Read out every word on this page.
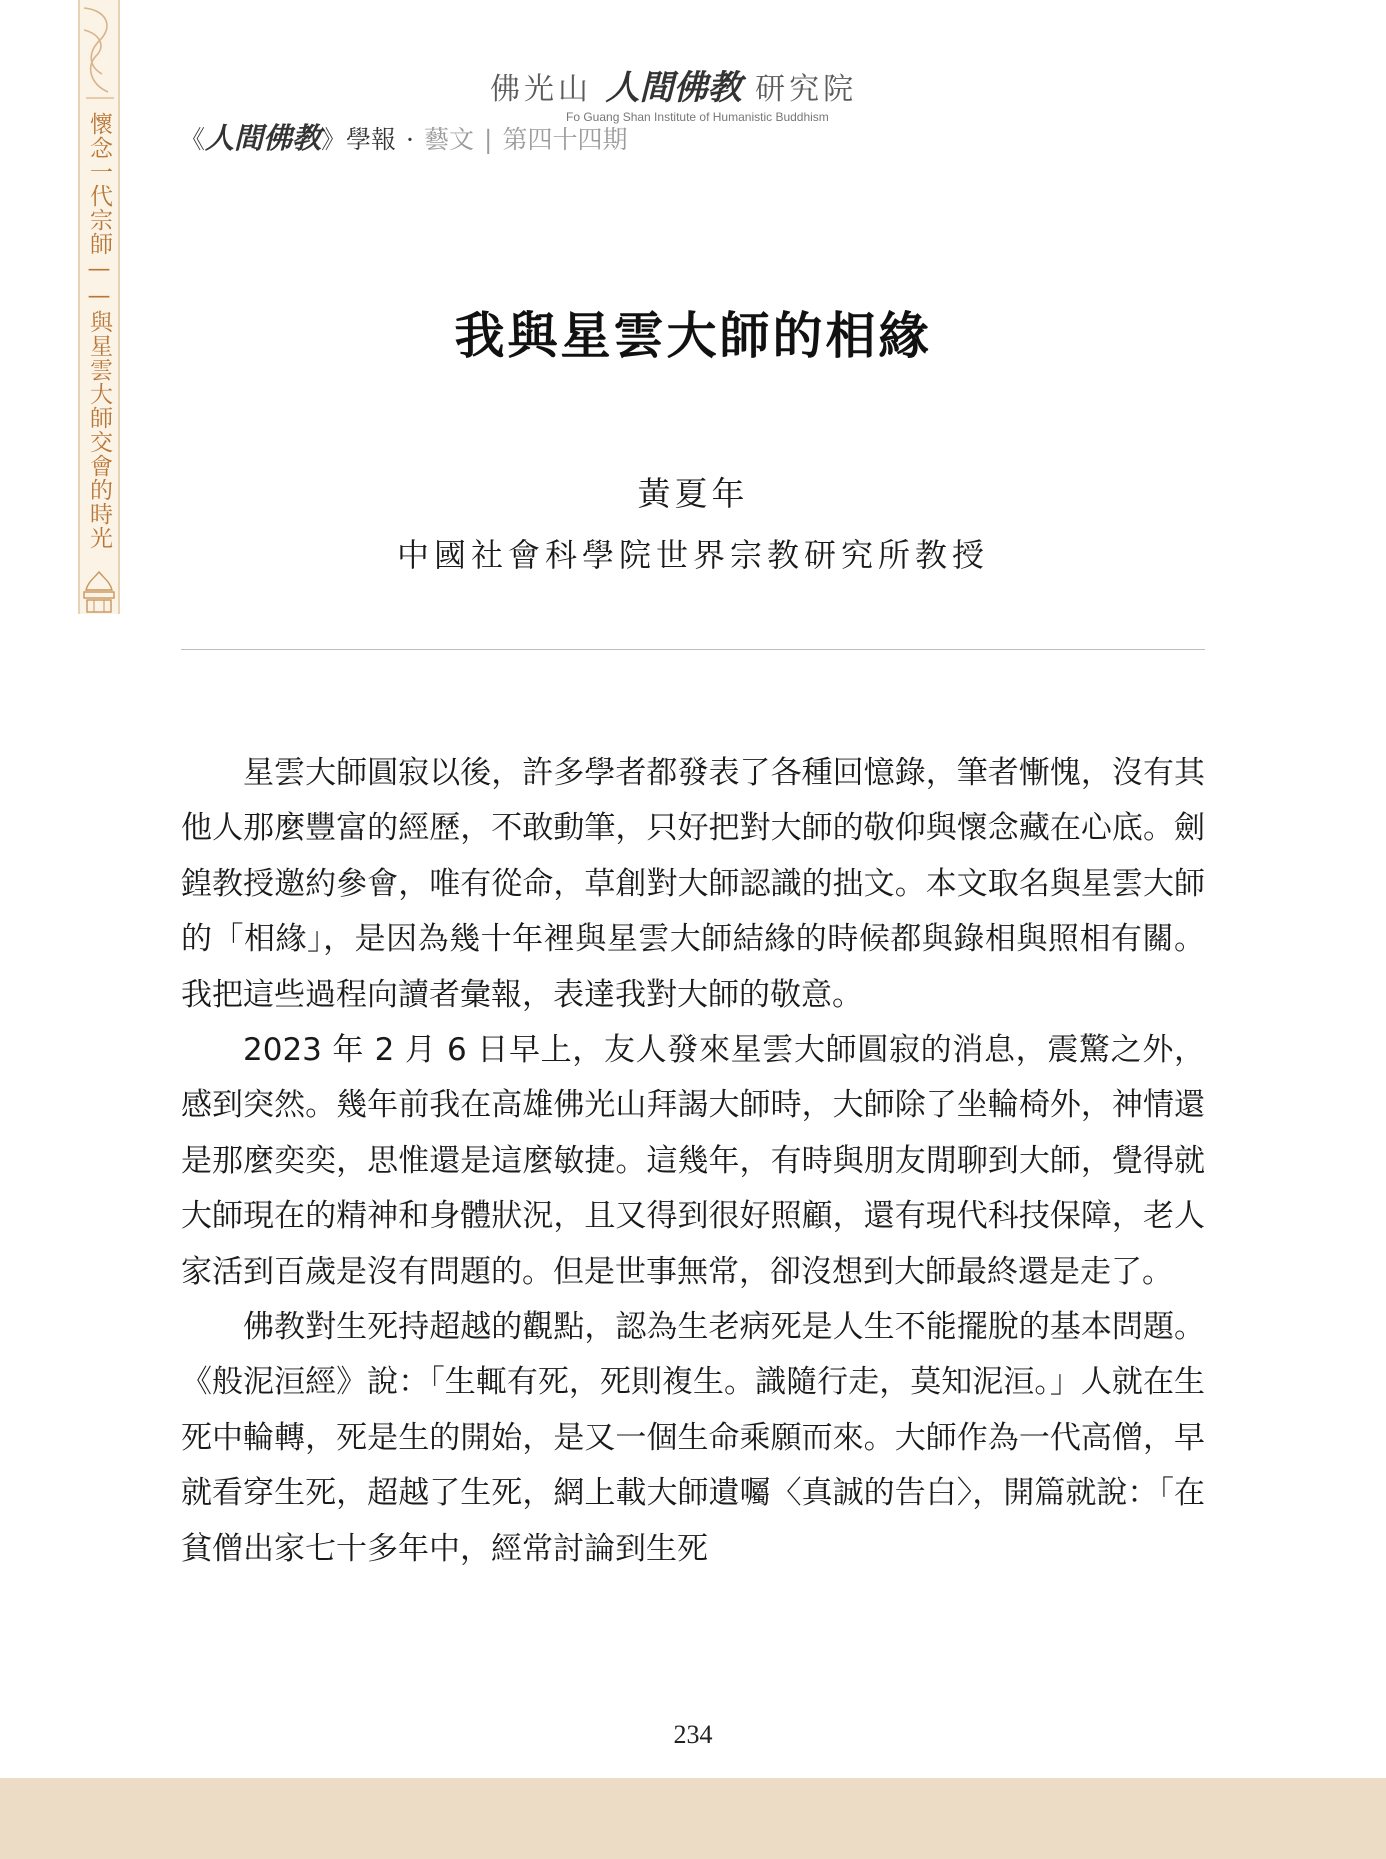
懷念一代宗師——與星雲大師交會的時光
佛光山 人間佛教 研究院
Fo Guang Shan Institute of Humanistic Buddhism
《人間佛教》學報 · 藝文 | 第四十四期
我與星雲大師的相緣
黃夏年
中國社會科學院世界宗教研究所教授

星雲大師圓寂以後，許多學者都發表了各種回憶錄，筆者慚愧，沒有其他人那麼豐富的經歷，不敢動筆，只好把對大師的敬仰與懷念藏在心底。劍鍠教授邀約參會，唯有從命，草創對大師認識的拙文。本文取名與星雲大師的「相緣」，是因為幾十年裡與星雲大師結緣的時候都與錄相與照相有關。我把這些過程向讀者彙報，表達我對大師的敬意。

2023 年 2 月 6 日早上，友人發來星雲大師圓寂的消息，震驚之外，感到突然。幾年前我在高雄佛光山拜謁大師時，大師除了坐輪椅外，神情還是那麼奕奕，思惟還是這麼敏捷。這幾年，有時與朋友閒聊到大師，覺得就大師現在的精神和身體狀況，且又得到很好照顧，還有現代科技保障，老人家活到百歲是沒有問題的。但是世事無常，卻沒想到大師最終還是走了。

佛教對生死持超越的觀點，認為生老病死是人生不能擺脫的基本問題。《般泥洹經》說：「生輒有死，死則複生。識隨行走，莫知泥洹。」人就在生死中輪轉，死是生的開始，是又一個生命乘願而來。大師作為一代高僧，早就看穿生死，超越了生死，網上載大師遺囑〈真誠的告白〉，開篇就說：「在貧僧出家七十多年中，經常討論到生死

234
